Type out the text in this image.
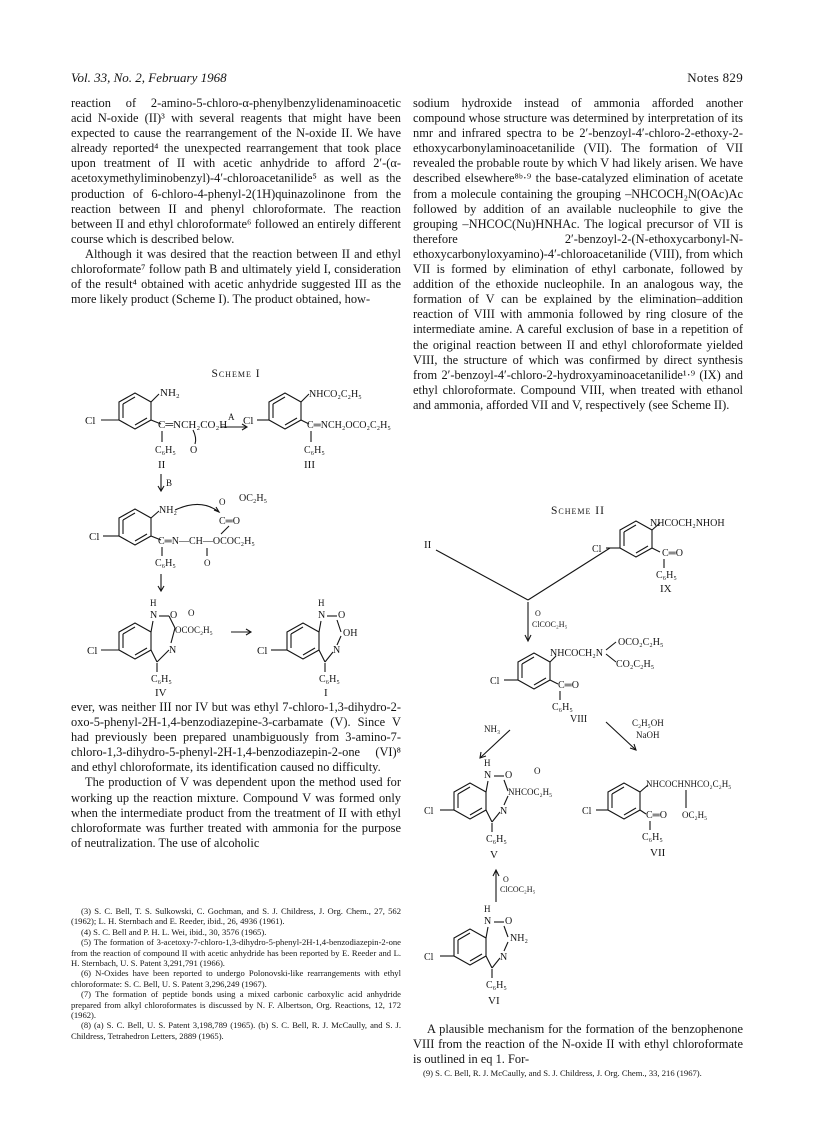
Vol. 33, No. 2, February 1968	Notes 829

reaction of 2-amino-5-chloro-α-phenylbenzylidenaminoacetic acid N-oxide (II)³ with several reagents that might have been expected to cause the rearrangement of the N-oxide II. We have already reported⁴ the unexpected rearrangement that took place upon treatment of II with acetic anhydride to afford 2′-(α-acetoxymethyliminobenzyl)-4′-chloroacetanilide⁵ as well as the production of 6-chloro-4-phenyl-2(1H)quinazolinone from the reaction between II and phenyl chloroformate. The reaction between II and ethyl chloroformate⁶ followed an entirely different course which is described below.

Although it was desired that the reaction between II and ethyl chloroformate⁷ follow path B and ultimately yield I, consideration of the result⁴ obtained with acetic anhydride suggested III as the more likely product (Scheme I). The product obtained, how-

Scheme I
NH₂
Cl	C═NCH₂CO₂H
C₆H₅ O
II
A
NHCO₂C₂H₅
Cl	C═NCH₂OCO₂C₂H₅
C₆H₅
III
B
NH₂
Cl	C═N—CH—OCOC₂H₅
O OC₂H₅
C═O
O
C₆H₅
Cl
H
N O
OCOC₂H₅
O
N
C₆H₅
IV
Cl
H
N O
OH
N
C₆H₅
I

ever, was neither III nor IV but was ethyl 7-chloro-1,3-dihydro-2-oxo-5-phenyl-2H-1,4-benzodiazepine-3-carbamate (V). Since V had previously been prepared unambiguously from 3-amino-7-chloro-1,3-dihydro-5-phenyl-2H-1,4-benzodiazepin-2-one (VI)⁸ and ethyl chloroformate, its identification caused no difficulty.

The production of V was dependent upon the method used for working up the reaction mixture. Compound V was formed only when the intermediate product from the treatment of II with ethyl chloroformate was further treated with ammonia for the purpose of neutralization. The use of alcoholic

(3) S. C. Bell, T. S. Sulkowski, C. Gochman, and S. J. Childress, J. Org. Chem., 27, 562 (1962); L. H. Sternbach and E. Reeder, ibid., 26, 4936 (1961).

(4) S. C. Bell and P. H. L. Wei, ibid., 30, 3576 (1965).

(5) The formation of 3-acetoxy-7-chloro-1,3-dihydro-5-phenyl-2H-1,4-benzodiazepin-2-one from the reaction of compound II with acetic anhydride has been reported by E. Reeder and L. H. Sternbach, U. S. Patent 3,291,791 (1966).

(6) N-Oxides have been reported to undergo Polonovski-like rearrangements with ethyl chloroformate: S. C. Bell, U. S. Patent 3,296,249 (1967).

(7) The formation of peptide bonds using a mixed carbonic carboxylic acid anhydride prepared from alkyl chloroformates is discussed by N. F. Albertson, Org. Reactions, 12, 172 (1962).

(8) (a) S. C. Bell, U. S. Patent 3,198,789 (1965). (b) S. C. Bell, R. J. McCaully, and S. J. Childress, Tetrahedron Letters, 2889 (1965).

sodium hydroxide instead of ammonia afforded another compound whose structure was determined by interpretation of its nmr and infrared spectra to be 2′-benzoyl-4′-chloro-2-ethoxy-2-ethoxycarbonylaminoacetanilide (VII). The formation of VII revealed the probable route by which V had likely arisen. We have described elsewhere⁸ᵇ·⁹ the base-catalyzed elimination of acetate from a molecule containing the grouping –NHCOCH₂N(OAc)Ac followed by addition of an available nucleophile to give the grouping –NHCOC(Nu)HNHAc. The logical precursor of VII is therefore 2′-benzoyl-2-(N-ethoxycarbonyl-N-ethoxycarbonyloxyamino)-4′-chloroacetanilide (VIII), from which VII is formed by elimination of ethyl carbonate, followed by addition of the ethoxide nucleophile. In an analogous way, the formation of V can be explained by the elimination–addition reaction of VIII with ammonia followed by ring closure of the intermediate amine. A careful exclusion of base in a repetition of the original reaction between II and ethyl chloroformate yielded VIII, the structure of which was confirmed by direct synthesis from 2′-benzoyl-4′-chloro-2-hydroxyaminoacetanilide¹·⁹ (IX) and ethyl chloroformate. Compound VIII, when treated with ethanol and ammonia, afforded VII and V, respectively (see Scheme II).

Scheme II
II
NHCOCH₂NHOH
Cl	C═O
C₆H₅
IX
O
ClCOC₂H₅
NHCOCH₂N
OCO₂C₂H₅
CO₂C₂H₅
Cl	C═O
C₆H₅
VIII
NH₃
C₂H₅OH
NaOH
Cl
H
N O
NHCOC₂H₅
O
N
C₆H₅
V
NHCOCHNHCO₂C₂H₅
Cl	C═O OC₂H₅
C₆H₅
VII
O
ClCOC₂H₅
Cl
H
N O
NH₂
N
C₆H₅
VI

A plausible mechanism for the formation of the benzophenone VIII from the reaction of the N-oxide II with ethyl chloroformate is outlined in eq 1. For-

(9) S. C. Bell, R. J. McCaully, and S. J. Childress, J. Org. Chem., 33, 216 (1967).
